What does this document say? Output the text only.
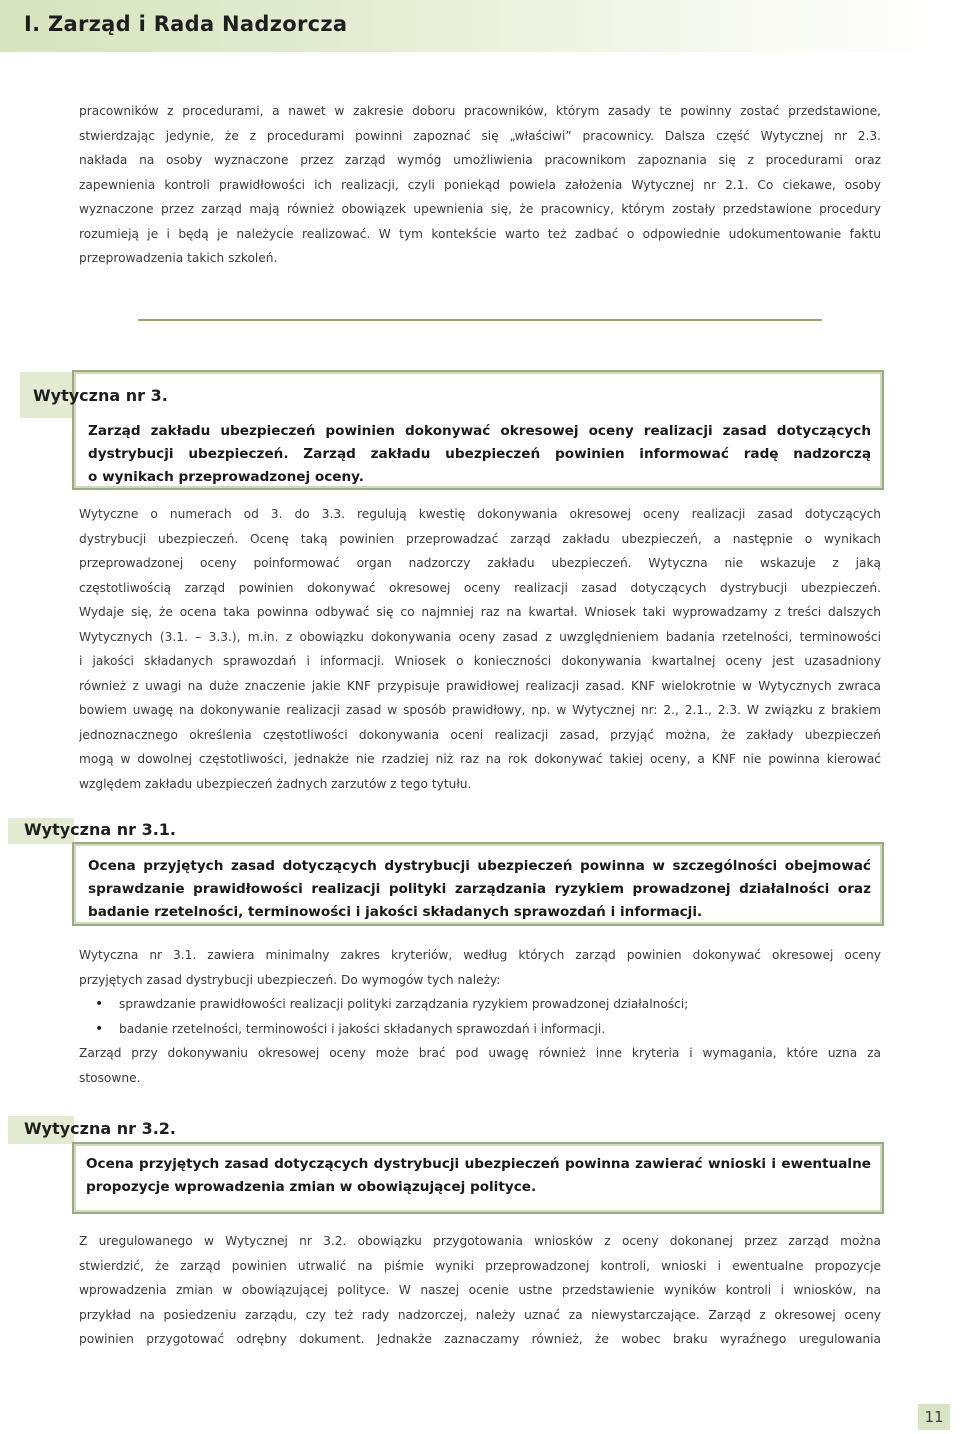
I. Zarząd i Rada Nadzorcza
pracowników z procedurami, a nawet w zakresie doboru pracowników, którym zasady te powinny zostać przedstawione,
stwierdzając jedynie, że z procedurami powinni zapoznać się „właściwi” pracownicy. Dalsza część Wytycznej nr 2.3.
nakłada na osoby wyznaczone przez zarząd wymóg umożliwienia pracownikom zapoznania się z procedurami oraz
zapewnienia kontroli prawidłowości ich realizacji, czyli poniekąd powiela założenia Wytycznej nr 2.1. Co ciekawe, osoby
wyznaczone przez zarząd mają również obowiązek upewnienia się, że pracownicy, którym zostały przedstawione procedury
rozumieją je i będą je należycie realizować. W tym kontekście warto też zadbać o odpowiednie udokumentowanie faktu
przeprowadzenia takich szkoleń.
Wytyczna nr 3.
Zarząd zakładu ubezpieczeń powinien dokonywać okresowej oceny realizacji zasad dotyczących
dystrybucji ubezpieczeń. Zarząd zakładu ubezpieczeń powinien informować radę nadzorczą
o wynikach przeprowadzonej oceny.
Wytyczne o numerach od 3. do 3.3. regulują kwestię dokonywania okresowej oceny realizacji zasad dotyczących
dystrybucji ubezpieczeń. Ocenę taką powinien przeprowadzać zarząd zakładu ubezpieczeń, a następnie o wynikach
przeprowadzonej oceny poinformować organ nadzorczy zakładu ubezpieczeń. Wytyczna nie wskazuje z jaką
częstotliwością zarząd powinien dokonywać okresowej oceny realizacji zasad dotyczących dystrybucji ubezpieczeń.
Wydaje się, że ocena taka powinna odbywać się co najmniej raz na kwartał. Wniosek taki wyprowadzamy z treści dalszych
Wytycznych (3.1. – 3.3.), m.in. z obowiązku dokonywania oceny zasad z uwzględnieniem badania rzetelności, terminowości
i jakości składanych sprawozdań i informacji. Wniosek o konieczności dokonywania kwartalnej oceny jest uzasadniony
również z uwagi na duże znaczenie jakie KNF przypisuje prawidłowej realizacji zasad. KNF wielokrotnie w Wytycznych zwraca
bowiem uwagę na dokonywanie realizacji zasad w sposób prawidłowy, np. w Wytycznej nr: 2., 2.1., 2.3. W związku z brakiem
jednoznacznego określenia częstotliwości dokonywania oceni realizacji zasad, przyjąć można, że zakłady ubezpieczeń
mogą w dowolnej częstotliwości, jednakże nie rzadziej niż raz na rok dokonywać takiej oceny, a KNF nie powinna kierować
względem zakładu ubezpieczeń żadnych zarzutów z tego tytułu.
Wytyczna nr 3.1.
Ocena przyjętych zasad dotyczących dystrybucji ubezpieczeń powinna w szczególności obejmować
sprawdzanie prawidłowości realizacji polityki zarządzania ryzykiem prowadzonej działalności oraz
badanie rzetelności, terminowości i jakości składanych sprawozdań i informacji.
Wytyczna nr 3.1. zawiera minimalny zakres kryteriów, według których zarząd powinien dokonywać okresowej oceny
przyjętych zasad dystrybucji ubezpieczeń. Do wymogów tych należy:
• sprawdzanie prawidłowości realizacji polityki zarządzania ryzykiem prowadzonej działalności;
• badanie rzetelności, terminowości i jakości składanych sprawozdań i informacji.
Zarząd przy dokonywaniu okresowej oceny może brać pod uwagę również inne kryteria i wymagania, które uzna za
stosowne.
Wytyczna nr 3.2.
Ocena przyjętych zasad dotyczących dystrybucji ubezpieczeń powinna zawierać wnioski i ewentualne
propozycje wprowadzenia zmian w obowiązującej polityce.
Z uregulowanego w Wytycznej nr 3.2. obowiązku przygotowania wniosków z oceny dokonanej przez zarząd można
stwierdzić, że zarząd powinien utrwalić na piśmie wyniki przeprowadzonej kontroli, wnioski i ewentualne propozycje
wprowadzenia zmian w obowiązującej polityce. W naszej ocenie ustne przedstawienie wyników kontroli i wniosków, na
przykład na posiedzeniu zarządu, czy też rady nadzorczej, należy uznać za niewystarczające. Zarząd z okresowej oceny
powinien przygotować odrębny dokument. Jednakże zaznaczamy również, że wobec braku wyraźnego uregulowania
11
